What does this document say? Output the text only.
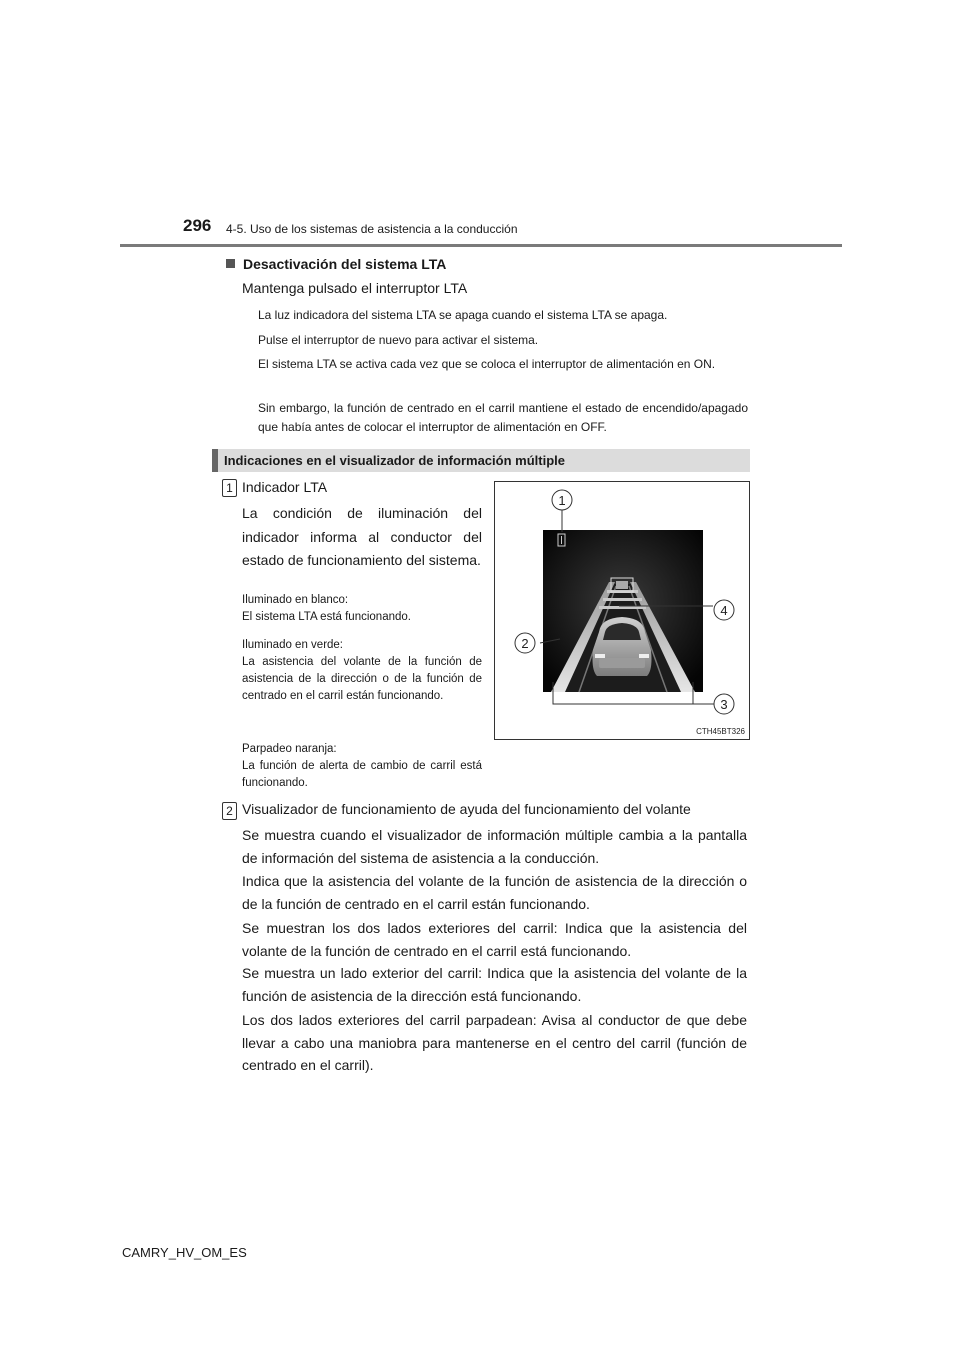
296 4-5. Uso de los sistemas de asistencia a la conducción
Desactivación del sistema LTA
Mantenga pulsado el interruptor LTA
La luz indicadora del sistema LTA se apaga cuando el sistema LTA se apaga.
Pulse el interruptor de nuevo para activar el sistema.
El sistema LTA se activa cada vez que se coloca el interruptor de alimentación en ON.
Sin embargo, la función de centrado en el carril mantiene el estado de encendido/apagado que había antes de colocar el interruptor de alimentación en OFF.
Indicaciones en el visualizador de información múltiple
1 Indicador LTA
La condición de iluminación del indicador informa al conductor del estado de funcionamiento del sistema.
Iluminado en blanco:
El sistema LTA está funcionando.
Iluminado en verde:
La asistencia del volante de la función de asistencia de la dirección o de la función de centrado en el carril están funcionando.
Parpadeo naranja:
La función de alerta de cambio de carril está funcionando.
1
2
3
4
CTH45BT326
2 Visualizador de funcionamiento de ayuda del funcionamiento del volante
Se muestra cuando el visualizador de información múltiple cambia a la pantalla de información del sistema de asistencia a la conducción.
Indica que la asistencia del volante de la función de asistencia de la dirección o de la función de centrado en el carril están funcionando.
Se muestran los dos lados exteriores del carril: Indica que la asistencia del volante de la función de centrado en el carril está funcionando.
Se muestra un lado exterior del carril: Indica que la asistencia del volante de la función de asistencia de la dirección está funcionando.
Los dos lados exteriores del carril parpadean: Avisa al conductor de que debe llevar a cabo una maniobra para mantenerse en el centro del carril (función de centrado en el carril).
CAMRY_HV_OM_ES
